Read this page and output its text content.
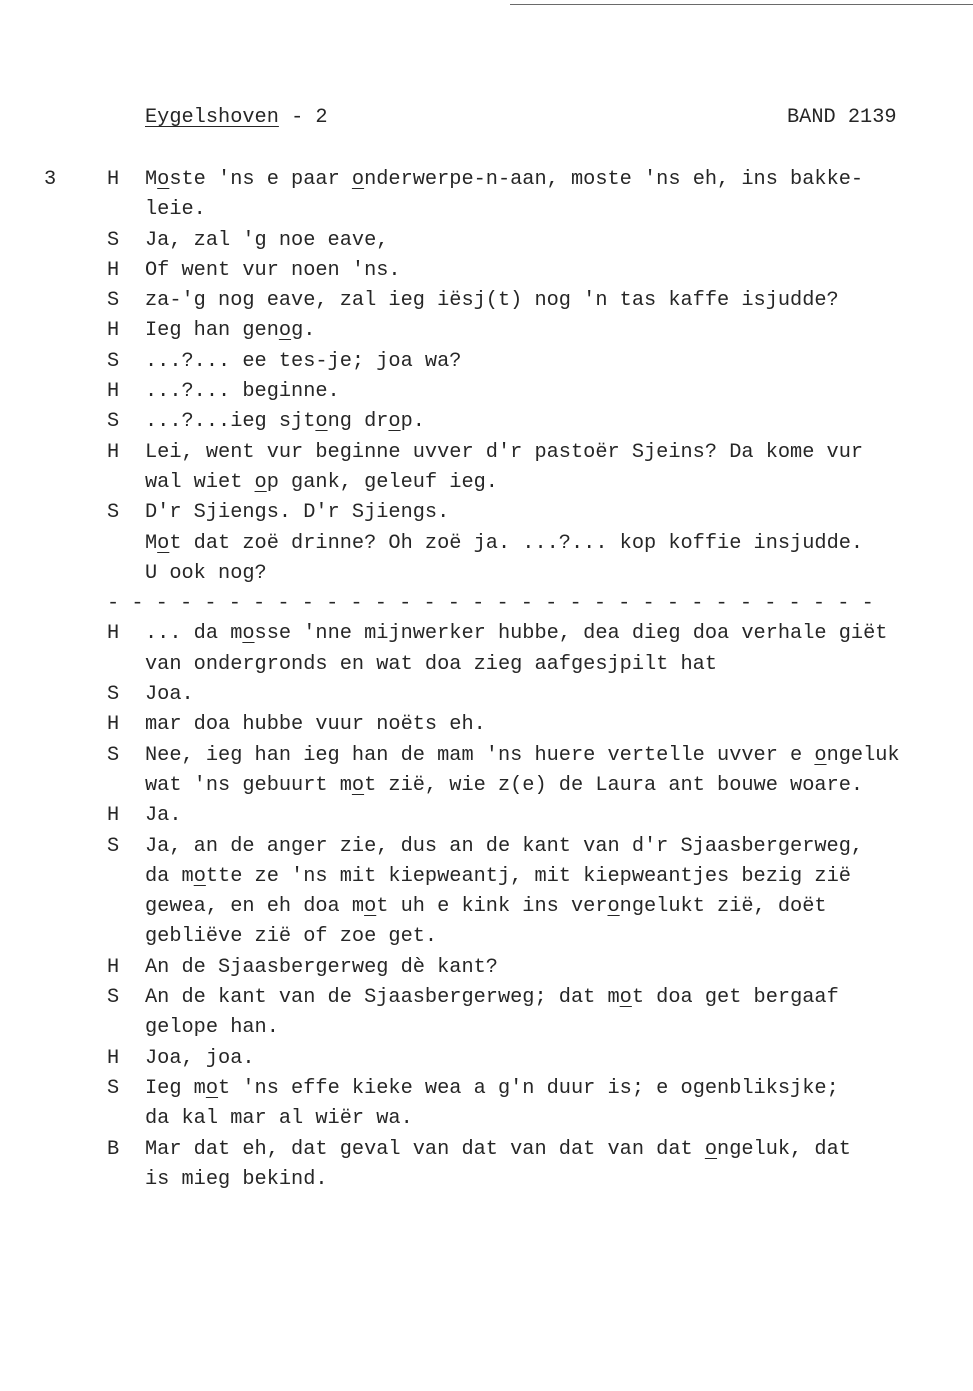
Eygelshoven - 2	BAND 2139
3	H Moste 'ns e paar onderwerpe-n-aan, moste 'ns eh, ins bakke-
leie.
S Ja, zal 'g noe eave,
H Of went vur noen 'ns.
S za-'g nog eave, zal ieg iësj(t) nog 'n tas kaffe isjudde?
H Ieg han genog.
S ...?... ee tes-je; joa wa?
H ...?... beginne.
S ...?...ieg sjtong drop.
H Lei, went vur beginne uvver d'r pastoër Sjeins? Da kome vur
wal wiet op gank, geleuf ieg.
S D'r Sjiengs. D'r Sjiengs.
Mot dat zoë drinne? Oh zoë ja. ...?... kop koffie insjudde.
U ook nog?
- - - - - - - - - - - - - - - - - - - - - - - - - - - - - - - -
H ... da mosse 'nne mijnwerker hubbe, dea dieg doa verhale giët
van ondergronds en wat doa zieg aafgesjpilt hat
S Joa.
H mar doa hubbe vuur noëts eh.
S Nee, ieg han ieg han de mam 'ns huere vertelle uvver e ongeluk
wat 'ns gebuurt mot zië, wie z(e) de Laura ant bouwe woare.
H Ja.
S Ja, an de anger zie, dus an de kant van d'r Sjaasbergerweg,
da motte ze 'ns mit kiepweantj, mit kiepweantjes bezig zië
gewea, en eh doa mot uh e kink ins verongelukt zië, doët
gebliëve zië of zoe get.
H An de Sjaasbergerweg dè kant?
S An de kant van de Sjaasbergerweg; dat mot doa get bergaaf
gelope han.
H Joa, joa.
S Ieg mot 'ns effe kieke wea a g'n duur is; e ogenbliksjke;
da kal mar al wiër wa.
B Mar dat eh, dat geval van dat van dat van dat ongeluk, dat
is mieg bekind.
